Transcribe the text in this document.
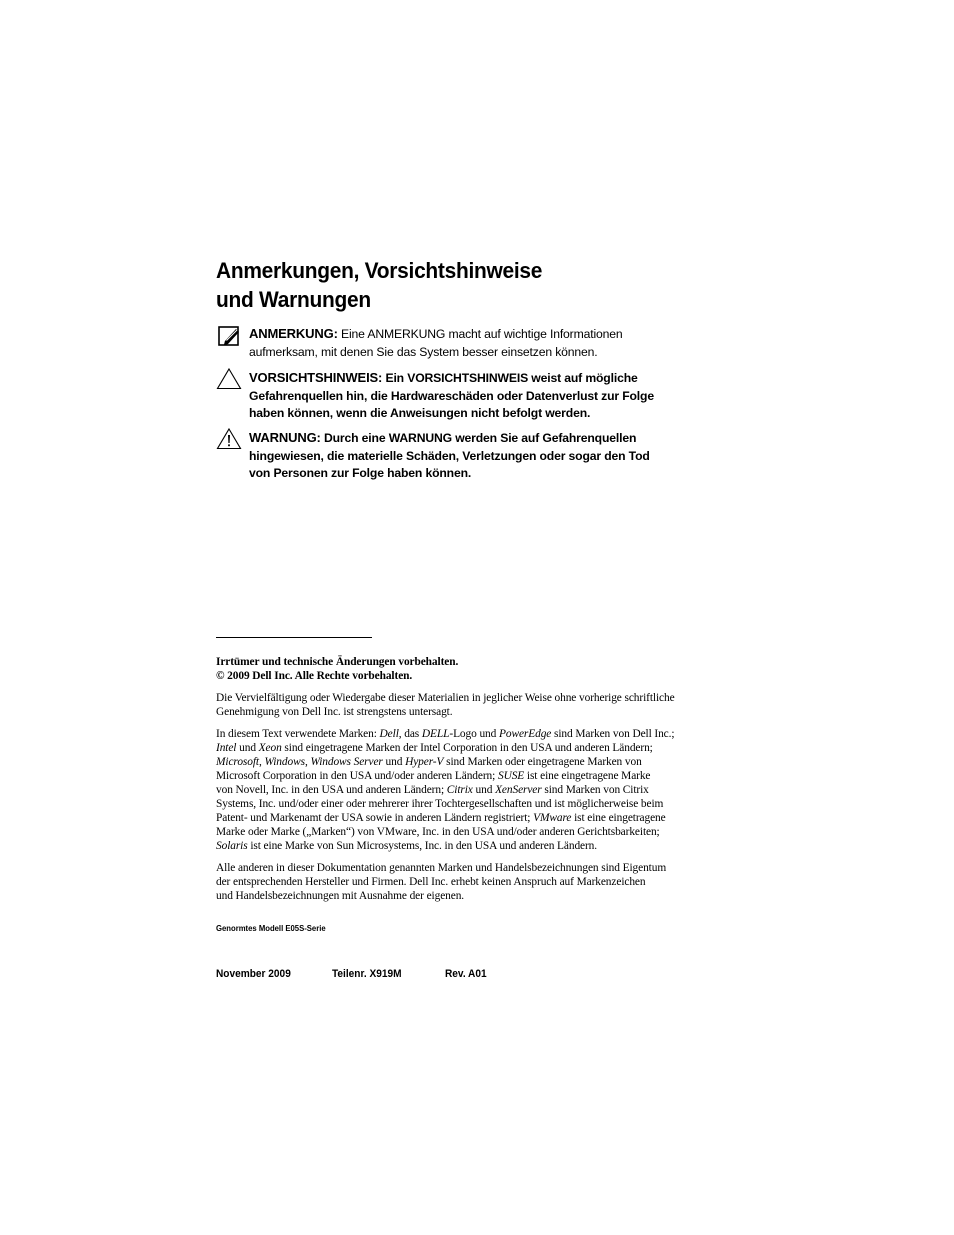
Anmerkungen, Vorsichtshinweise
und Warnungen
ANMERKUNG: Eine ANMERKUNG macht auf wichtige Informationen
aufmerksam, mit denen Sie das System besser einsetzen können.
VORSICHTSHINWEIS: Ein VORSICHTSHINWEIS weist auf mögliche
Gefahrenquellen hin, die Hardwareschäden oder Datenverlust zur Folge
haben können, wenn die Anweisungen nicht befolgt werden.
WARNUNG: Durch eine WARNUNG werden Sie auf Gefahrenquellen
hingewiesen, die materielle Schäden, Verletzungen oder sogar den Tod
von Personen zur Folge haben können.

Irrtümer und technische Änderungen vorbehalten.

© 2009 Dell Inc. Alle Rechte vorbehalten.

Die Vervielfältigung oder Wiedergabe dieser Materialien in jeglicher Weise ohne vorherige schriftliche

Genehmigung von Dell Inc. ist strengstens untersagt.

In diesem Text verwendete Marken: Dell, das DELL-Logo und PowerEdge sind Marken von Dell Inc.;

Intel und Xeon sind eingetragene Marken der Intel Corporation in den USA und anderen Ländern;

Microsoft, Windows, Windows Server und Hyper-V sind Marken oder eingetragene Marken von

Microsoft Corporation in den USA und/oder anderen Ländern; SUSE ist eine eingetragene Marke

von Novell, Inc. in den USA und anderen Ländern; Citrix und XenServer sind Marken von Citrix

Systems, Inc. und/oder einer oder mehrerer ihrer Tochtergesellschaften und ist möglicherweise beim

Patent- und Markenamt der USA sowie in anderen Ländern registriert; VMware ist eine eingetragene

Marke oder Marke („Marken“) von VMware, Inc. in den USA und/oder anderen Gerichtsbarkeiten;

Solaris ist eine Marke von Sun Microsystems, Inc. in den USA und anderen Ländern.

Alle anderen in dieser Dokumentation genannten Marken und Handelsbezeichnungen sind Eigentum

der entsprechenden Hersteller und Firmen. Dell Inc. erhebt keinen Anspruch auf Markenzeichen

und Handelsbezeichnungen mit Ausnahme der eigenen.

Genormtes Modell E05S-Serie
November 2009	Teilenr. X919M	Rev. A01
